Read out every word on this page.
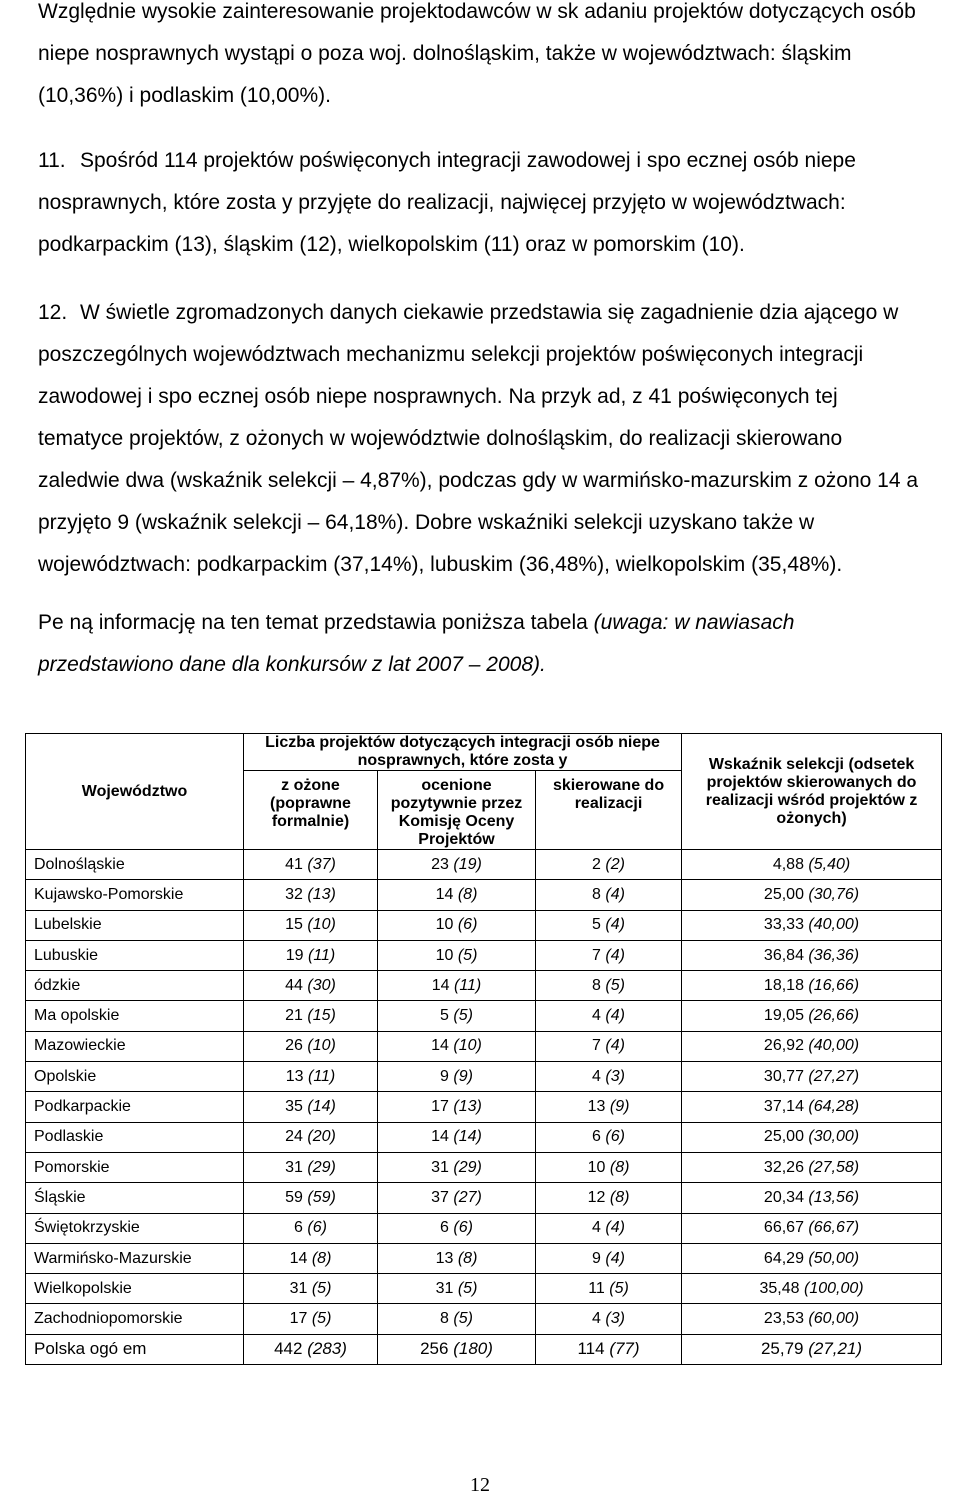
Względnie wysokie zainteresowanie projektodawców w sk adaniu projektów dotyczących osób niepe nosprawnych wystąpi o poza woj. dolnośląskim, także w województwach: śląskim (10,36%) i podlaskim (10,00%).

11. Spośród 114 projektów poświęconych integracji zawodowej i spo ecznej osób niepe nosprawnych, które zosta y przyjęte do realizacji, najwięcej przyjęto w województwach: podkarpackim (13), śląskim (12), wielkopolskim (11) oraz w pomorskim (10).

12. W świetle zgromadzonych danych ciekawie przedstawia się zagadnienie dzia ającego w poszczególnych województwach mechanizmu selekcji projektów poświęconych integracji zawodowej i spo ecznej osób niepe nosprawnych. Na przyk ad, z 41 poświęconych tej tematyce projektów, z ożonych w województwie dolnośląskim, do realizacji skierowano zaledwie dwa (wskaźnik selekcji – 4,87%), podczas gdy w warmińsko-mazurskim z ożono 14 a przyjęto 9 (wskaźnik selekcji – 64,18%). Dobre wskaźniki selekcji uzyskano także w województwach: podkarpackim (37,14%), lubuskim (36,48%), wielkopolskim (35,48%).

Pe ną informację na ten temat przedstawia poniższa tabela (uwaga: w nawiasach przedstawiono dane dla konkursów z lat 2007 – 2008).

Województwo	Liczba projektów dotyczących integracji osób niepe nosprawnych, które zosta y			Wskaźnik selekcji (odsetek projektów skierowanych do realizacji wśród projektów z ożonych)
	z ożone (poprawne formalnie)	ocenione pozytywnie przez Komisję Oceny Projektów	skierowane do realizacji	
Dolnośląskie	41 (37)	23 (19)	2 (2)	4,88 (5,40)
Kujawsko-Pomorskie	32 (13)	14 (8)	8 (4)	25,00 (30,76)
Lubelskie	15 (10)	10 (6)	5 (4)	33,33 (40,00)
Lubuskie	19 (11)	10 (5)	7 (4)	36,84 (36,36)
ódzkie	44 (30)	14 (11)	8 (5)	18,18 (16,66)
Ma opolskie	21 (15)	5 (5)	4 (4)	19,05 (26,66)
Mazowieckie	26 (10)	14 (10)	7 (4)	26,92 (40,00)
Opolskie	13 (11)	9 (9)	4 (3)	30,77 (27,27)
Podkarpackie	35 (14)	17 (13)	13 (9)	37,14 (64,28)
Podlaskie	24 (20)	14 (14)	6 (6)	25,00 (30,00)
Pomorskie	31 (29)	31 (29)	10 (8)	32,26 (27,58)
Śląskie	59 (59)	37 (27)	12 (8)	20,34 (13,56)
Świętokrzyskie	6 (6)	6 (6)	4 (4)	66,67 (66,67)
Warmińsko-Mazurskie	14 (8)	13 (8)	9 (4)	64,29 (50,00)
Wielkopolskie	31 (5)	31 (5)	11 (5)	35,48 (100,00)
Zachodniopomorskie	17 (5)	8 (5)	4 (3)	23,53 (60,00)
Polska ogó em	442 (283)	256 (180)	114 (77)	25,79 (27,21)
12
